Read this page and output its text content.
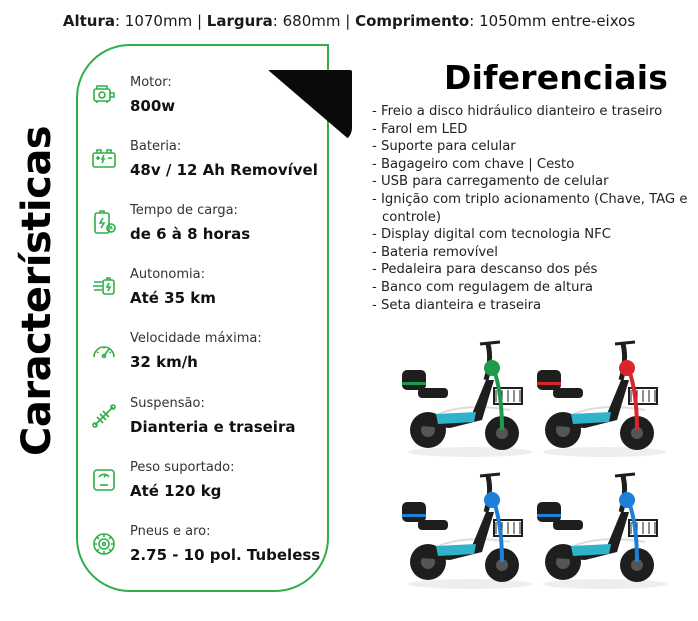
Altura: 1070mm | Largura: 680mm | Comprimento: 1050mm entre-eixos
Características
Motor:
800w
Bateria:
48v / 12 Ah Removível
Tempo de carga:
de 6 à 8 horas
Autonomia:
Até 35 km
Velocidade máxima:
32 km/h
Suspensão:
Dianteria e traseira
Peso suportado:
Até 120 kg
Pneus e aro:
2.75 - 10 pol. Tubeless
Diferenciais
- Freio a disco hidráulico dianteiro e traseiro
- Farol em LED
- Suporte para celular
- Bagageiro com chave | Cesto
- USB para carregamento de celular
- Ignição com triplo acionamento (Chave, TAG e controle)
- Display digital com tecnologia NFC
- Bateria removível
- Pedaleira para descanso dos pés
- Banco com regulagem de altura
- Seta dianteira e traseira
